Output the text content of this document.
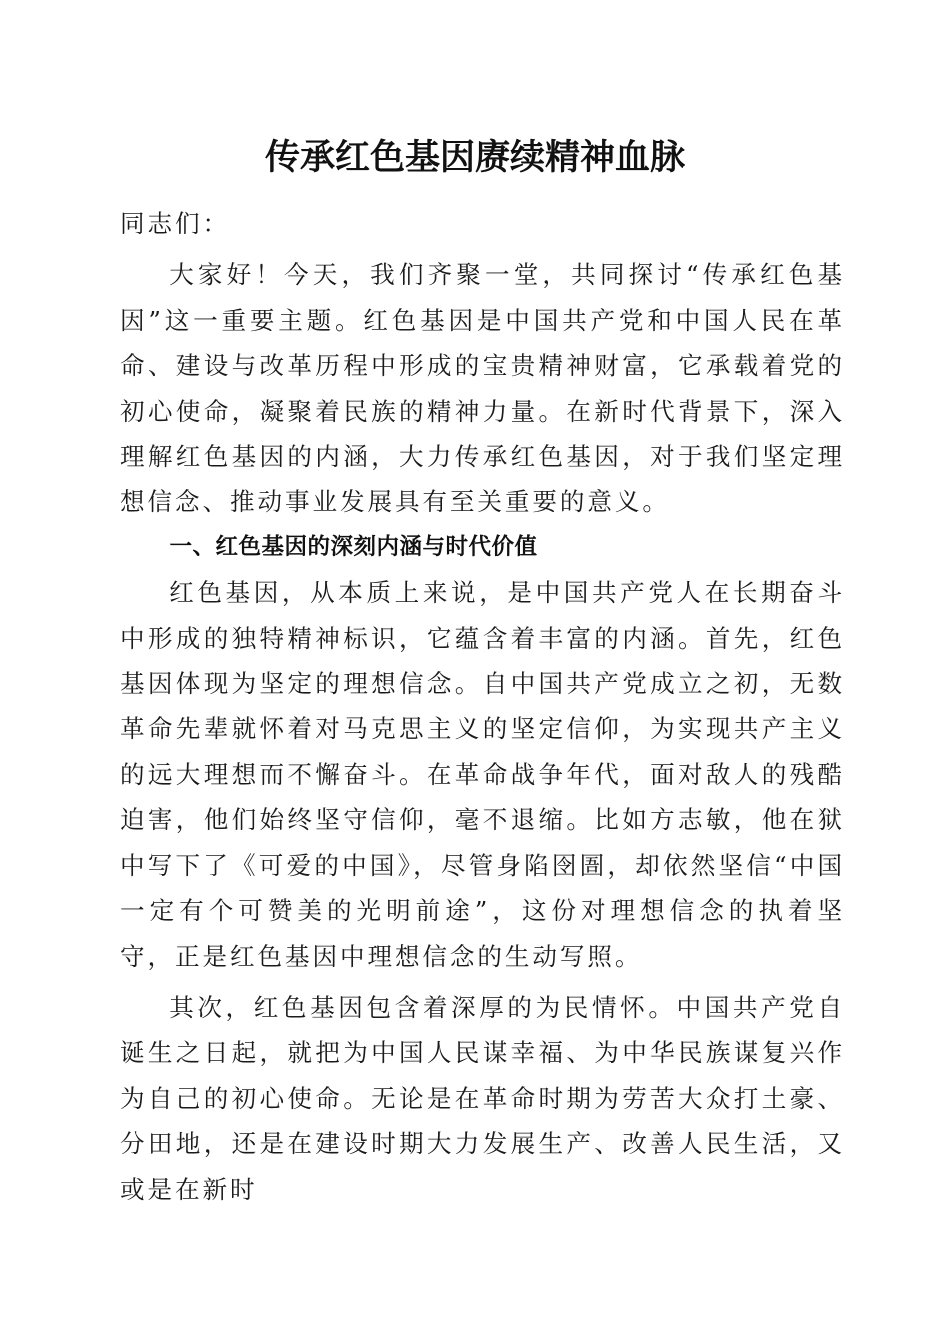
传承红色基因赓续精神血脉

同志们：

大家好！今天，我们齐聚一堂，共同探讨“传承红色基因”这一重要主题。红色基因是中国共产党和中国人民在革命、建设与改革历程中形成的宝贵精神财富，它承载着党的初心使命，凝聚着民族的精神力量。在新时代背景下，深入理解红色基因的内涵，大力传承红色基因，对于我们坚定理想信念、推动事业发展具有至关重要的意义。

一、红色基因的深刻内涵与时代价值

红色基因，从本质上来说，是中国共产党人在长期奋斗中形成的独特精神标识，它蕴含着丰富的内涵。首先，红色基因体现为坚定的理想信念。自中国共产党成立之初，无数革命先辈就怀着对马克思主义的坚定信仰，为实现共产主义的远大理想而不懈奋斗。在革命战争年代，面对敌人的残酷迫害，他们始终坚守信仰，毫不退缩。比如方志敏，他在狱中写下了《可爱的中国》，尽管身陷囹圄，却依然坚信“中国一定有个可赞美的光明前途”，这份对理想信念的执着坚守，正是红色基因中理想信念的生动写照。

其次，红色基因包含着深厚的为民情怀。中国共产党自诞生之日起，就把为中国人民谋幸福、为中华民族谋复兴作为自己的初心使命。无论是在革命时期为劳苦大众打土豪、分田地，还是在建设时期大力发展生产、改善人民生活，又或是在新时
